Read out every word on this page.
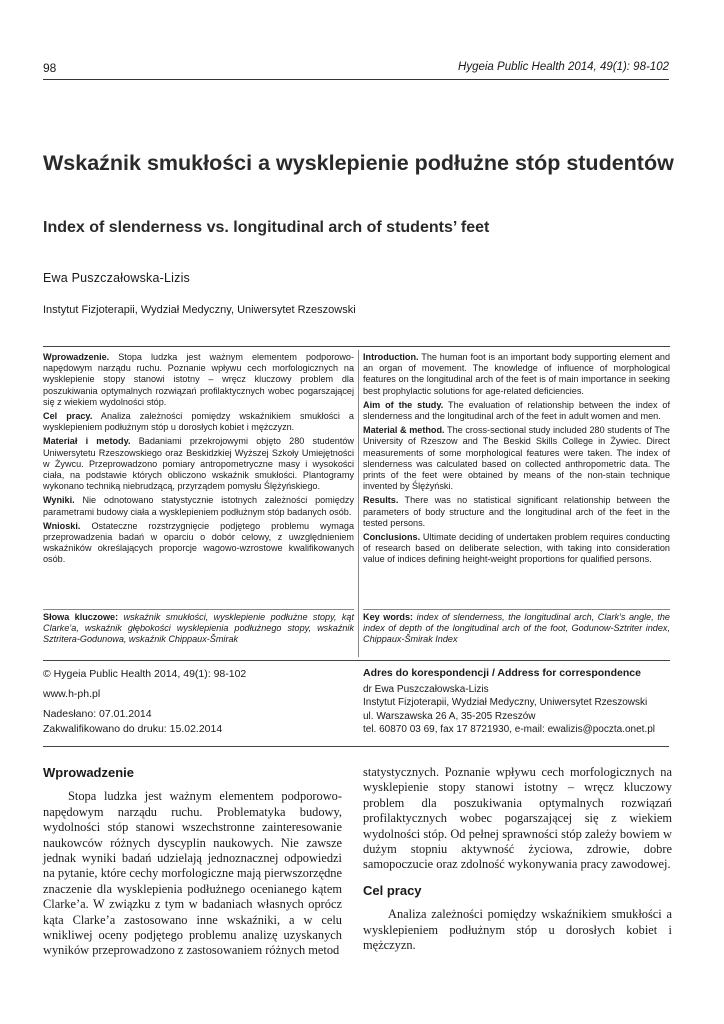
98	Hygeia Public Health 2014, 49(1): 98-102
Wskaźnik smukłości a wysklepienie podłużne stóp studentów
Index of slenderness vs. longitudinal arch of students’ feet
Ewa Puszczałowska-Lizis
Instytut Fizjoterapii, Wydział Medyczny, Uniwersytet Rzeszowski

Wprowadzenie. Stopa ludzka jest ważnym elementem podporowo-napędowym narządu ruchu. Poznanie wpływu cech morfologicznych na wysklepienie stopy stanowi istotny – wręcz kluczowy problem dla poszukiwania optymalnych rozwiązań profilaktycznych wobec pogarszającej się z wiekiem wydolności stóp.

Cel pracy. Analiza zależności pomiędzy wskaźnikiem smukłości a wysklepieniem podłużnym stóp u dorosłych kobiet i mężczyzn.

Materiał i metody. Badaniami przekrojowymi objęto 280 studentów Uniwersytetu Rzeszowskiego oraz Beskidzkiej Wyższej Szkoły Umiejętności w Żywcu. Przeprowadzono pomiary antropometryczne masy i wysokości ciała, na podstawie których obliczono wskaźnik smukłości. Plantogramy wykonano techniką niebrudzącą, przyrządem pomysłu Ślężyńskiego.

Wyniki. Nie odnotowano statystycznie istotnych zależności pomiędzy parametrami budowy ciała a wysklepieniem podłużnym stóp badanych osób.

Wnioski. Ostateczne rozstrzygnięcie podjętego problemu wymaga przeprowadzenia badań w oparciu o dobór celowy, z uwzględnieniem wskaźników określających proporcje wagowo-wzrostowe kwalifikowanych osób.

Introduction. The human foot is an important body supporting element and an organ of movement. The knowledge of influence of morphological features on the longitudinal arch of the feet is of main importance in seeking best prophylactic solutions for age-related deficiencies.

Aim of the study. The evaluation of relationship between the index of slenderness and the longitudinal arch of the feet in adult women and men.

Material & method. The cross-sectional study included 280 students of The University of Rzeszow and The Beskid Skills College in Żywiec. Direct measurements of some morphological features were taken. The index of slenderness was calculated based on collected anthropometric data. The prints of the feet were obtained by means of the non-stain technique invented by Ślężyński.

Results. There was no statistical significant relationship between the parameters of body structure and the longitudinal arch of the feet in the tested persons.

Conclusions. Ultimate deciding of undertaken problem requires conducting of research based on deliberate selection, with taking into consideration value of indices defining height-weight proportions for qualified persons.

Słowa kluczowe: wskaźnik smukłości, wysklepienie podłużne stopy, kąt Clarke’a, wskaźnik głębokości wysklepienia podłużnego stopy, wskaźnik Sztritera-Godunowa, wskaźnik Chippaux-Šmirak
Key words: index of slenderness, the longitudinal arch, Clark’s angle, the index of depth of the longitudinal arch of the foot, Godunow-Sztriter index, Chippaux-Šmirak Index
© Hygeia Public Health 2014, 49(1): 98-102
www.h-ph.pl
Nadesłano: 07.01.2014
Zakwalifikowano do druku: 15.02.2014
Adres do korespondencji / Address for correspondence
dr Ewa Puszczałowska-Lizis
Instytut Fizjoterapii, Wydział Medyczny, Uniwersytet Rzeszowski
ul. Warszawska 26 A, 35-205 Rzeszów
tel. 60870 03 69, fax 17 8721930, e-mail: ewalizis@poczta.onet.pl
Wprowadzenie

Stopa ludzka jest ważnym elementem podporowo-napędowym narządu ruchu. Problematyka budowy, wydolności stóp stanowi wszechstronne zainteresowanie naukowców różnych dyscyplin naukowych. Nie zawsze jednak wyniki badań udzielają jednoznacznej odpowiedzi na pytanie, które cechy morfologiczne mają pierwszorzędne znaczenie dla wysklepienia podłużnego ocenianego kątem Clarke’a. W związku z tym w badaniach własnych oprócz kąta Clarke’a zastosowano inne wskaźniki, a w celu wnikliwej oceny podjętego problemu analizę uzyskanych wyników przeprowadzono z zastosowaniem różnych metod

statystycznych. Poznanie wpływu cech morfologicznych na wysklepienie stopy stanowi istotny – wręcz kluczowy problem dla poszukiwania optymalnych rozwiązań profilaktycznych wobec pogarszającej się z wiekiem wydolności stóp. Od pełnej sprawności stóp zależy bowiem w dużym stopniu aktywność życiowa, zdrowie, dobre samopoczucie oraz zdolność wykonywania pracy zawodowej.

Cel pracy

Analiza zależności pomiędzy wskaźnikiem smukłości a wysklepieniem podłużnym stóp u dorosłych kobiet i mężczyzn.
